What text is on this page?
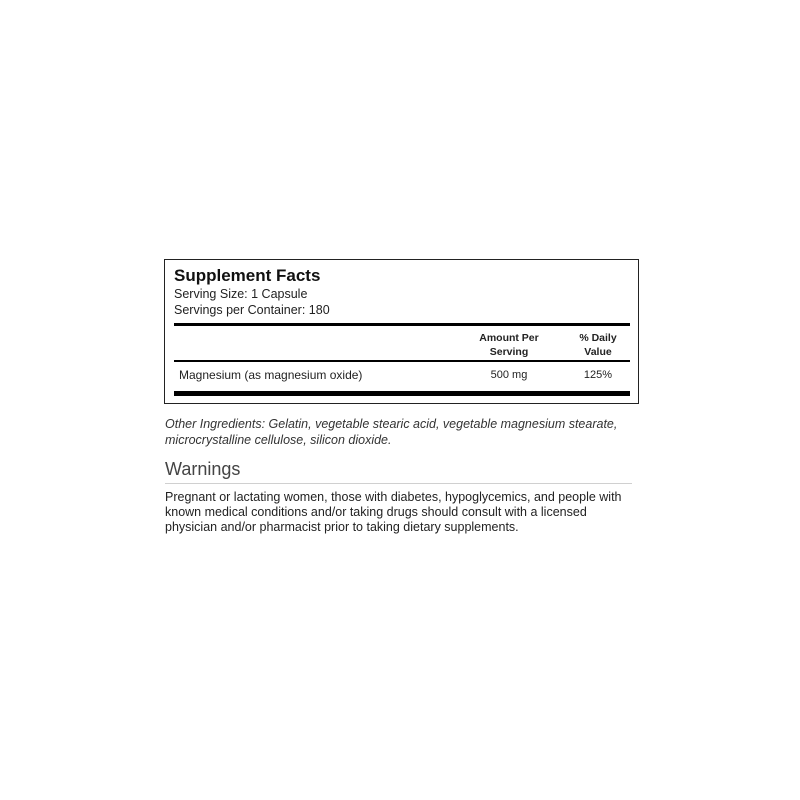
Supplement Facts
Serving Size: 1 Capsule
Servings per Container: 180
Amount Per
Serving
% Daily
Value
Magnesium (as magnesium oxide)	500 mg	125%
Other Ingredients: Gelatin, vegetable stearic acid, vegetable magnesium stearate, microcrystalline cellulose, silicon dioxide.
Warnings
Pregnant or lactating women, those with diabetes, hypoglycemics, and people with known medical conditions and/or taking drugs should consult with a licensed physician and/or pharmacist prior to taking dietary supplements.
